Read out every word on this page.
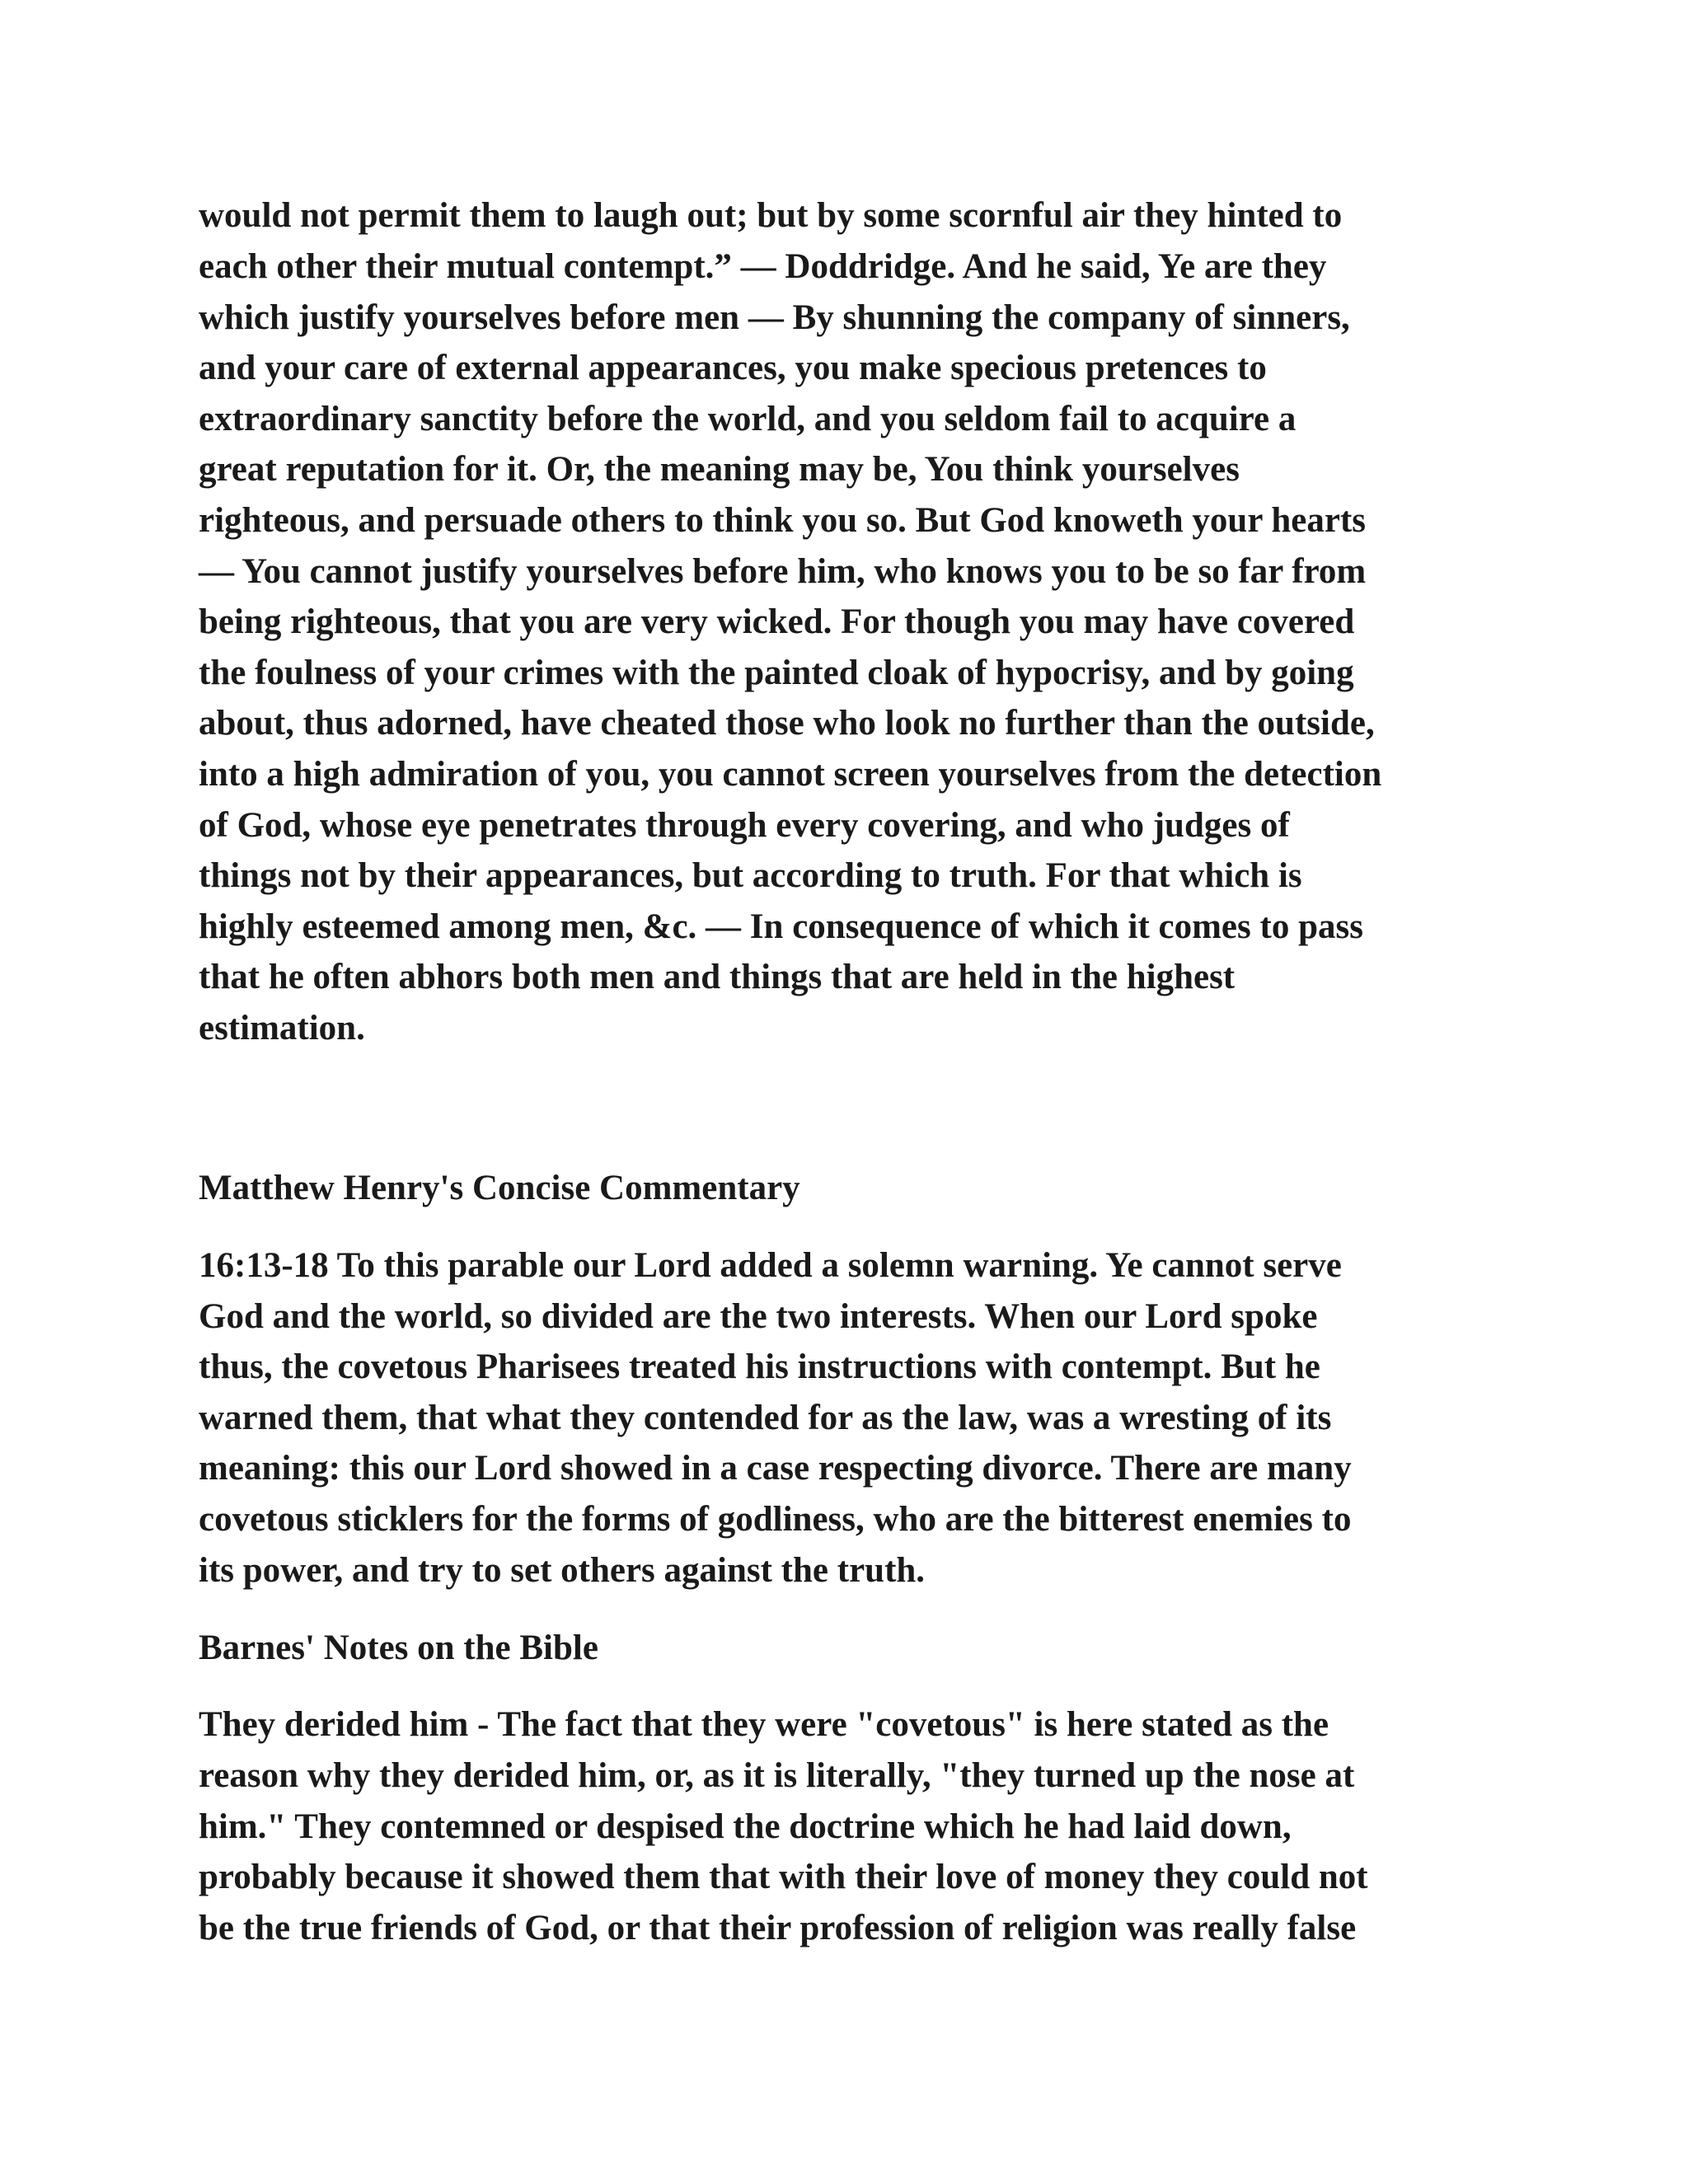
would not permit them to laugh out; but by some scornful air they hinted to

each other their mutual contempt.” — Doddridge. And he said, Ye are they

which justify yourselves before men — By shunning the company of sinners,

and your care of external appearances, you make specious pretences to

extraordinary sanctity before the world, and you seldom fail to acquire a

great reputation for it. Or, the meaning may be, You think yourselves

righteous, and persuade others to think you so. But God knoweth your hearts

— You cannot justify yourselves before him, who knows you to be so far from

being righteous, that you are very wicked. For though you may have covered

the foulness of your crimes with the painted cloak of hypocrisy, and by going

about, thus adorned, have cheated those who look no further than the outside,

into a high admiration of you, you cannot screen yourselves from the detection

of God, whose eye penetrates through every covering, and who judges of

things not by their appearances, but according to truth. For that which is

highly esteemed among men, &c. — In consequence of which it comes to pass

that he often abhors both men and things that are held in the highest

estimation.

Matthew Henry's Concise Commentary

16:13-18 To this parable our Lord added a solemn warning. Ye cannot serve

God and the world, so divided are the two interests. When our Lord spoke

thus, the covetous Pharisees treated his instructions with contempt. But he

warned them, that what they contended for as the law, was a wresting of its

meaning: this our Lord showed in a case respecting divorce. There are many

covetous sticklers for the forms of godliness, who are the bitterest enemies to

its power, and try to set others against the truth.

Barnes' Notes on the Bible

They derided him - The fact that they were "covetous" is here stated as the

reason why they derided him, or, as it is literally, "they turned up the nose at

him." They contemned or despised the doctrine which he had laid down,

probably because it showed them that with their love of money they could not

be the true friends of God, or that their profession of religion was really false
